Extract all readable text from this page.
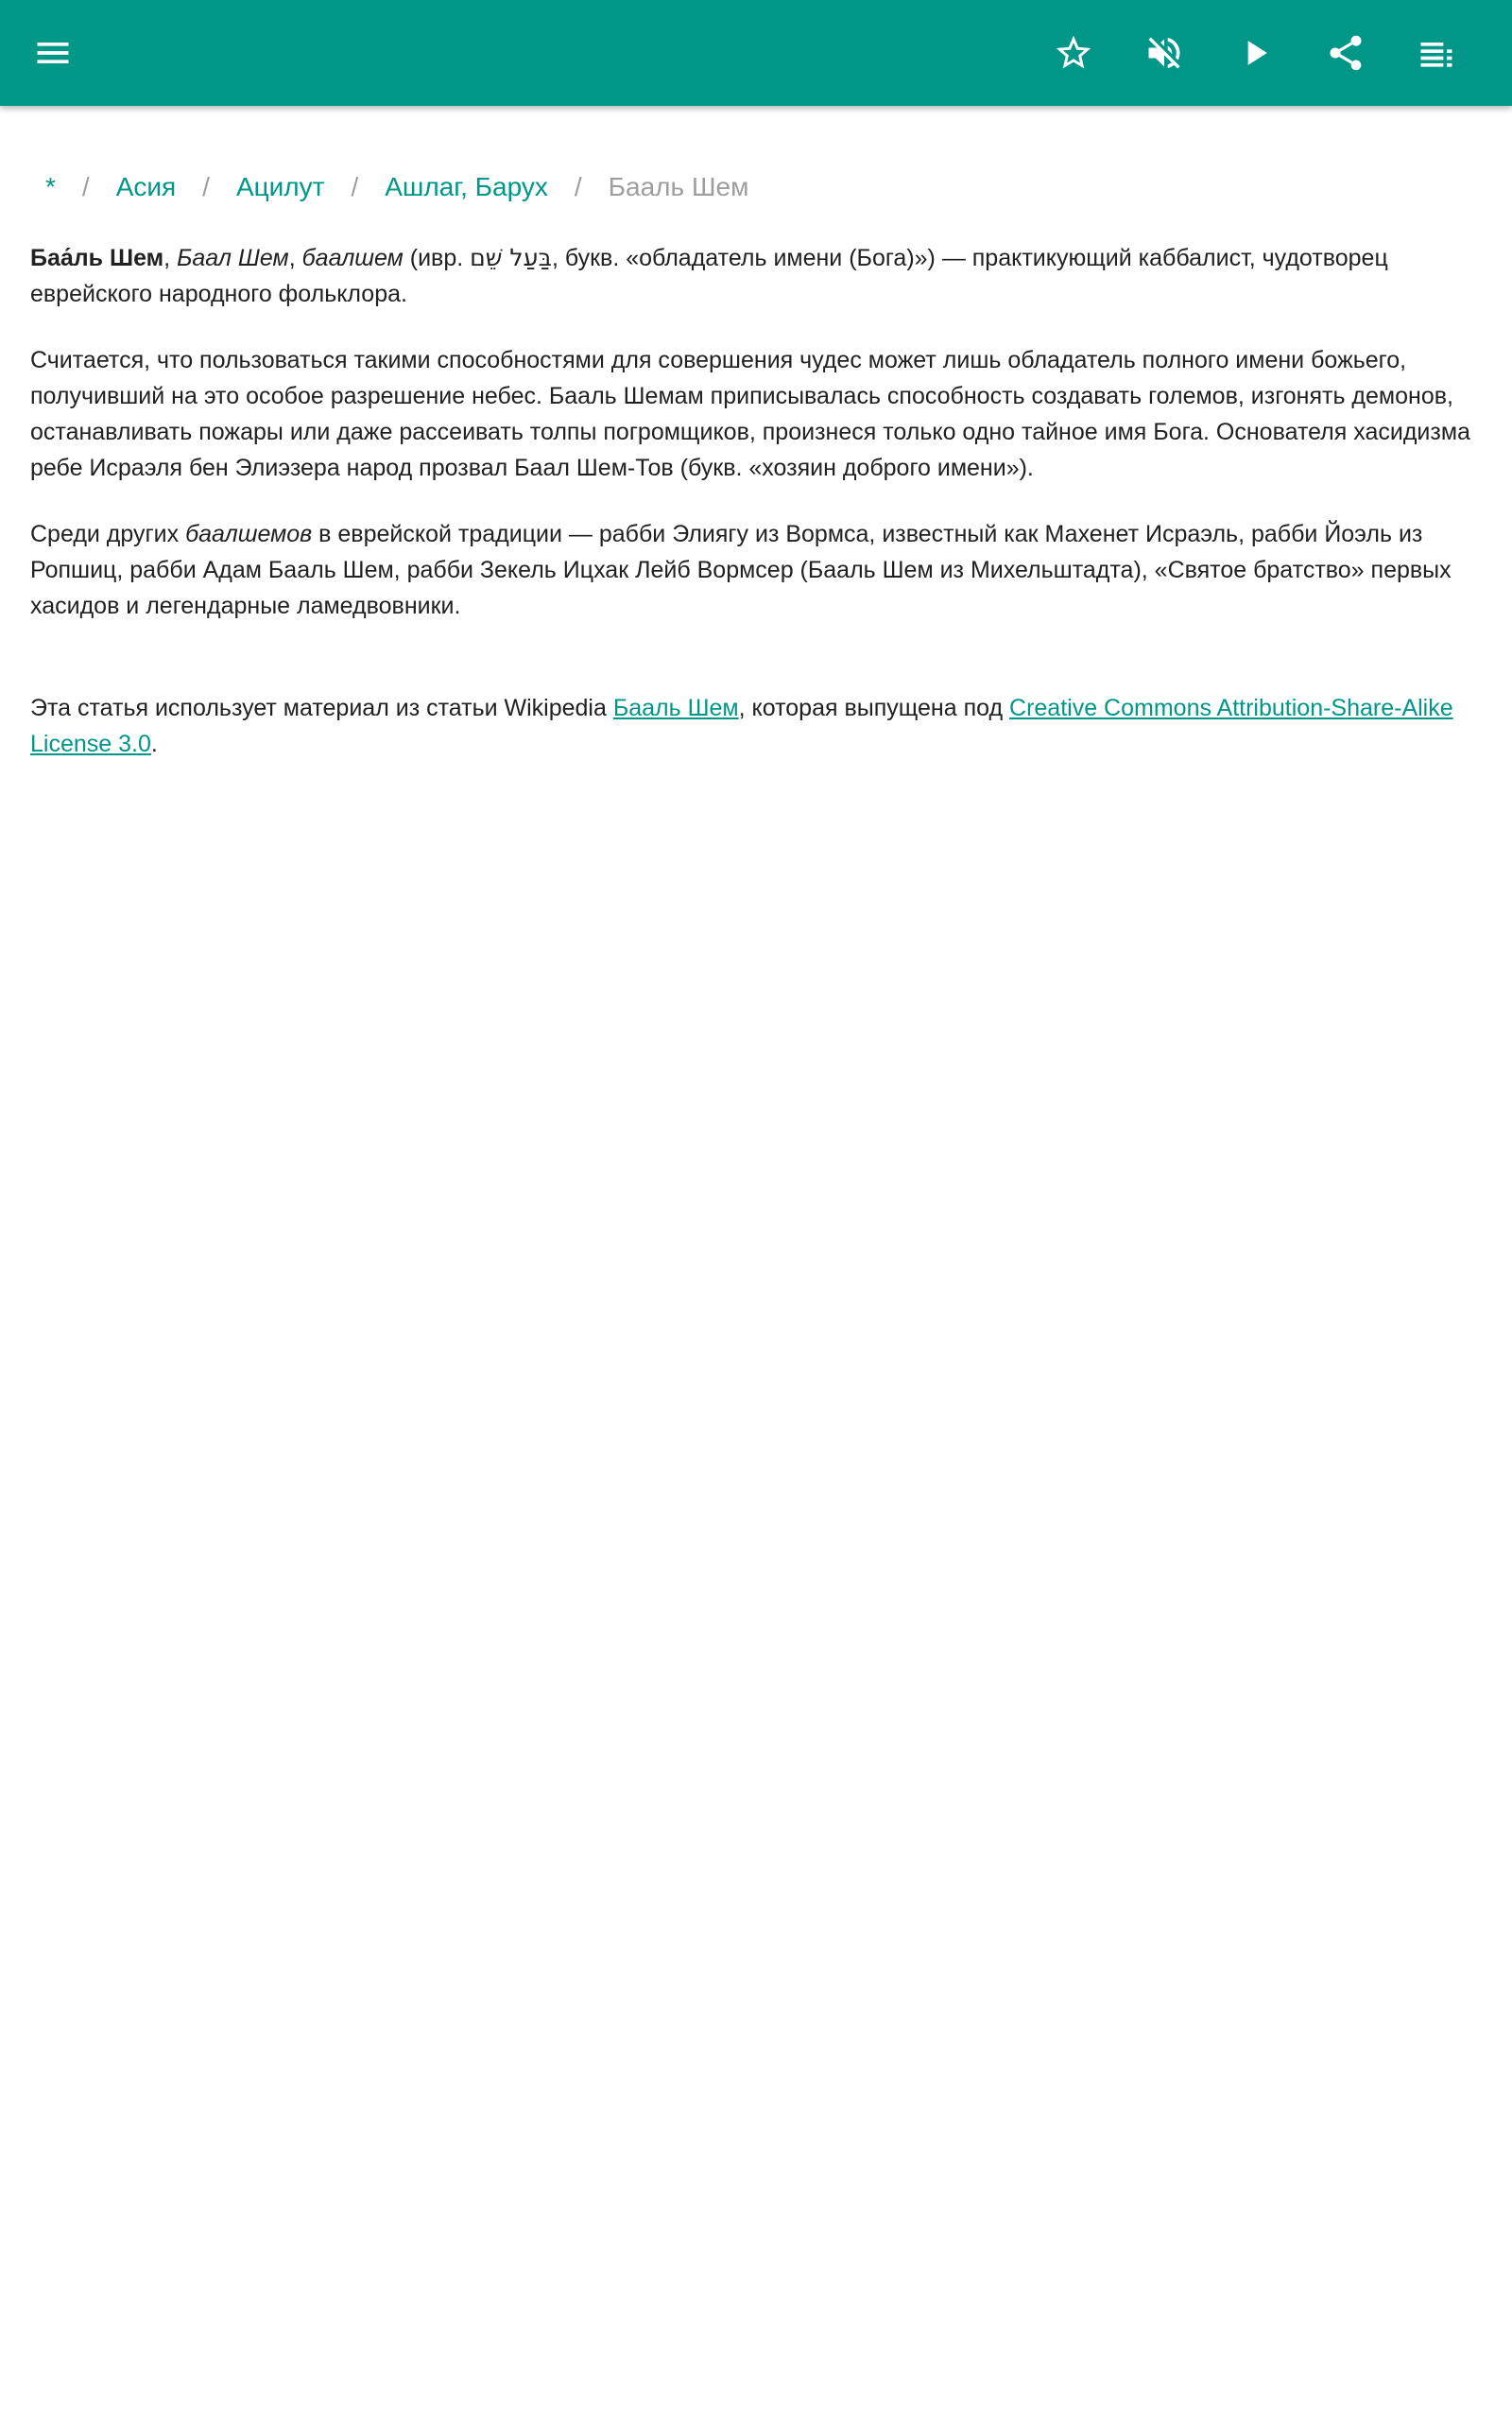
* / Асия / Ацилут / Ашлаг, Барух / Бааль Шем

Баа́ль Шем, Баал Шем, баалшем (ивр. בַּעַל שֵׁם, букв. «обладатель имени (Бога)») — практикующий каббалист, чудотворец еврейского народного фольклора.

Считается, что пользоваться такими способностями для совершения чудес может лишь обладатель полного имени божьего, получивший на это особое разрешение небес. Бааль Шемам приписывалась способность создавать големов, изгонять демонов, останавливать пожары или даже рассеивать толпы погромщиков, произнеся только одно тайное имя Бога. Основателя хасидизма ребе Исраэля бен Элиэзера народ прозвал Баал Шем-Тов (букв. «хозяин доброго имени»).

Среди других баалшемов в еврейской традиции — рабби Элиягу из Вормса, известный как Махенет Исраэль, рабби Йоэль из Ропшиц, рабби Адам Бааль Шем, рабби Зекель Ицхак Лейб Вормсер (Бааль Шем из Михельштадта), «Святое братство» первых хасидов и легендарные ламедвовники.

Эта статья использует материал из статьи Wikipedia Бааль Шем, которая выпущена под Creative Commons Attribution-Share-Alike License 3.0.
